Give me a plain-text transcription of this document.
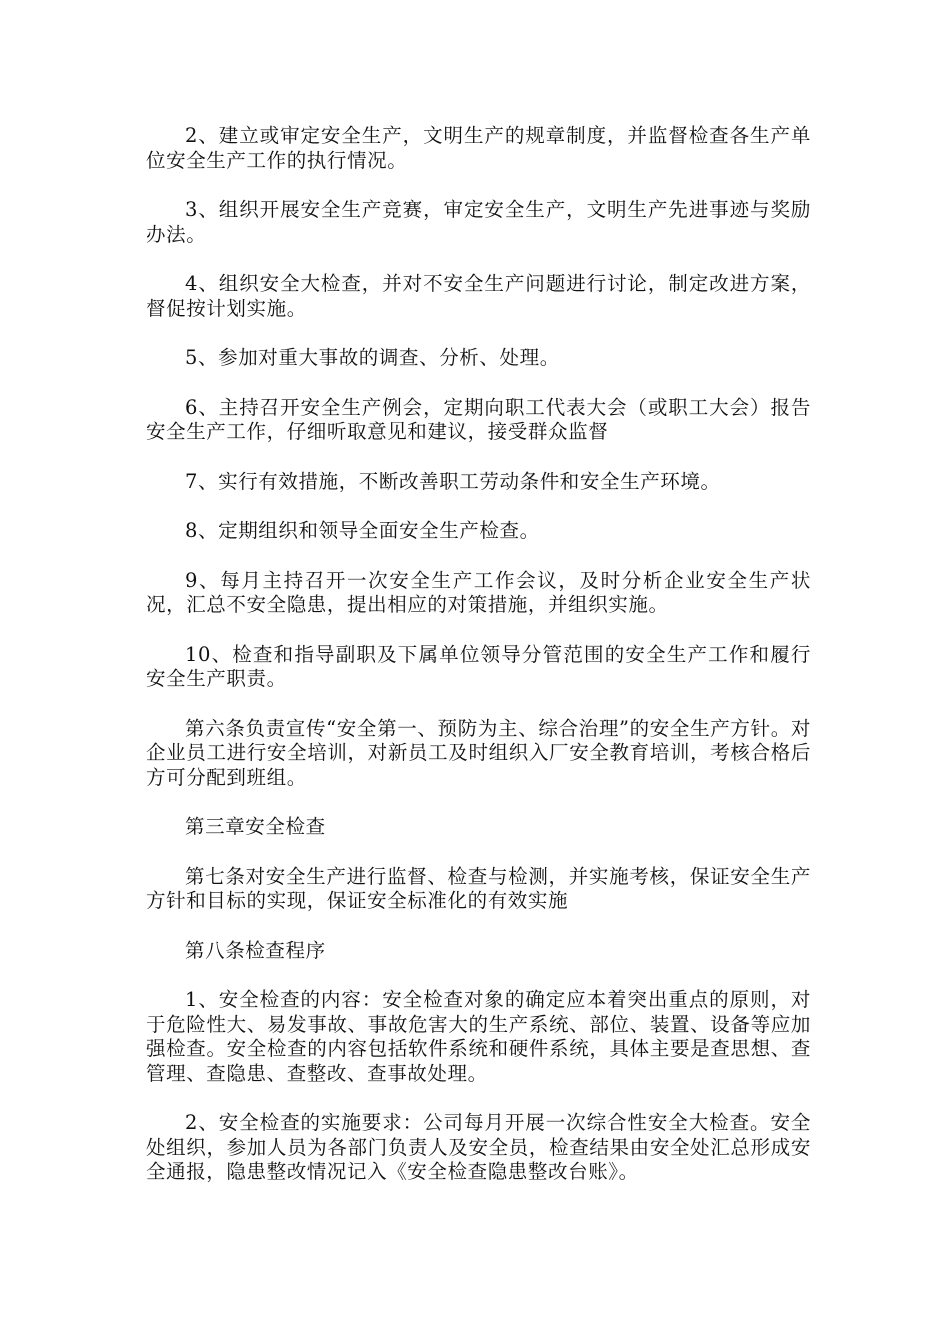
2、建立或审定安全生产，文明生产的规章制度，并监督检查各生产单位安全生产工作的执行情况。

3、组织开展安全生产竞赛，审定安全生产，文明生产先进事迹与奖励办法。

4、组织安全大检查，并对不安全生产问题进行讨论，制定改进方案，督促按计划实施。

5、参加对重大事故的调查、分析、处理。

6、主持召开安全生产例会，定期向职工代表大会（或职工大会）报告安全生产工作，仔细听取意见和建议，接受群众监督

7、实行有效措施，不断改善职工劳动条件和安全生产环境。

8、定期组织和领导全面安全生产检查。

9、每月主持召开一次安全生产工作会议，及时分析企业安全生产状况，汇总不安全隐患，提出相应的对策措施，并组织实施。

10、检查和指导副职及下属单位领导分管范围的安全生产工作和履行安全生产职责。

第六条负责宣传“安全第一、预防为主、综合治理”的安全生产方针。对企业员工进行安全培训，对新员工及时组织入厂安全教育培训，考核合格后方可分配到班组。

第三章安全检查

第七条对安全生产进行监督、检查与检测，并实施考核，保证安全生产方针和目标的实现，保证安全标准化的有效实施

第八条检查程序

1、安全检查的内容：安全检查对象的确定应本着突出重点的原则，对于危险性大、易发事故、事故危害大的生产系统、部位、装置、设备等应加强检查。安全检查的内容包括软件系统和硬件系统，具体主要是查思想、查管理、查隐患、查整改、查事故处理。

2、安全检查的实施要求：公司每月开展一次综合性安全大检查。安全处组织，参加人员为各部门负责人及安全员，检查结果由安全处汇总形成安全通报，隐患整改情况记入《安全检查隐患整改台账》。
